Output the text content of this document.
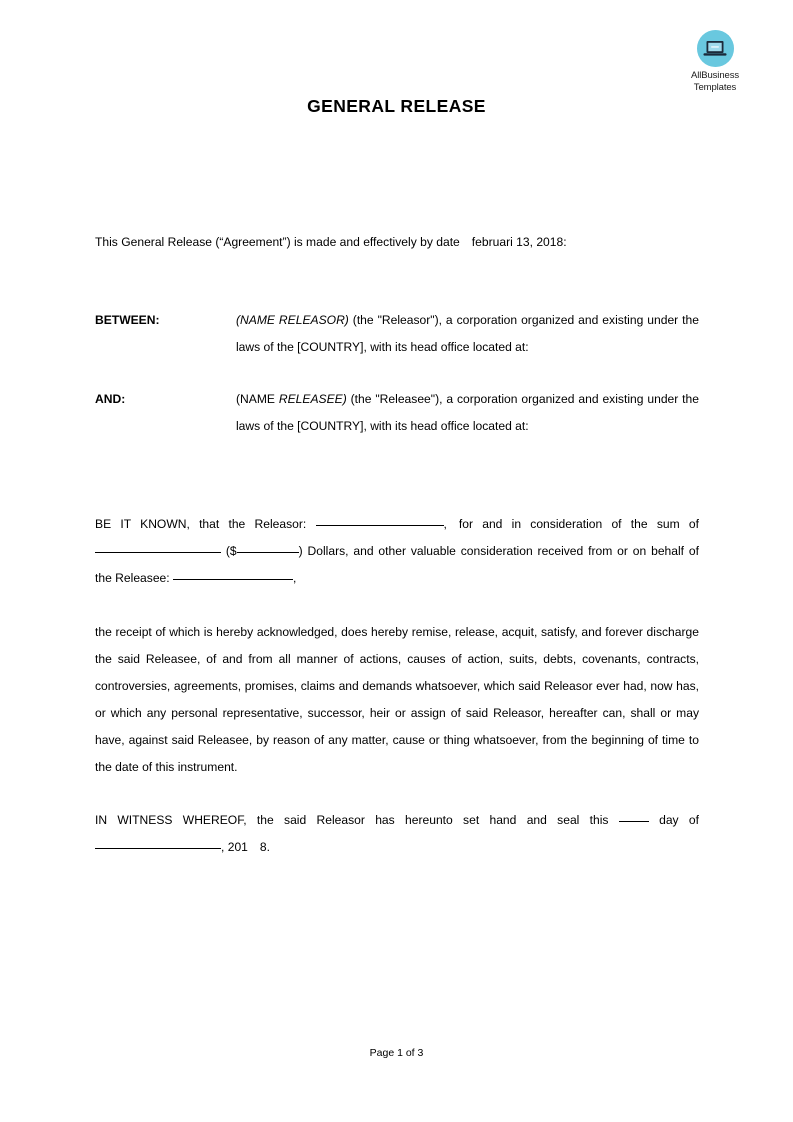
AllBusiness
Templates
GENERAL RELEASE
This General Release (“Agreement”) is made and effectively by date februari 13, 2018:
BETWEEN:	(NAME RELEASOR) (the "Releasor"), a corporation organized and existing under the laws of the [COUNTRY], with its head office located at:
AND:	(NAME RELEASEE) (the "Releasee"), a corporation organized and existing under the laws of the [COUNTRY], with its head office located at:
BE IT KNOWN, that the Releasor:	, for and in consideration of the sum of  ($	) Dollars, and other valuable consideration received from or on behalf of the Releasee:	,
the receipt of which is hereby acknowledged, does hereby remise, release, acquit, satisfy, and forever discharge the said Releasee, of and from all manner of actions, causes of action, suits, debts, covenants, contracts, controversies, agreements, promises, claims and demands whatsoever, which said Releasor ever had, now has, or which any personal representative, successor, heir or assign of said Releasor, hereafter can, shall or may have, against said Releasee, by reason of any matter, cause or thing whatsoever, from the beginning of time to the date of this instrument.
IN WITNESS WHEREOF, the said Releasor has hereunto set hand and seal this	day of , 201 8.
Page 1 of 3
